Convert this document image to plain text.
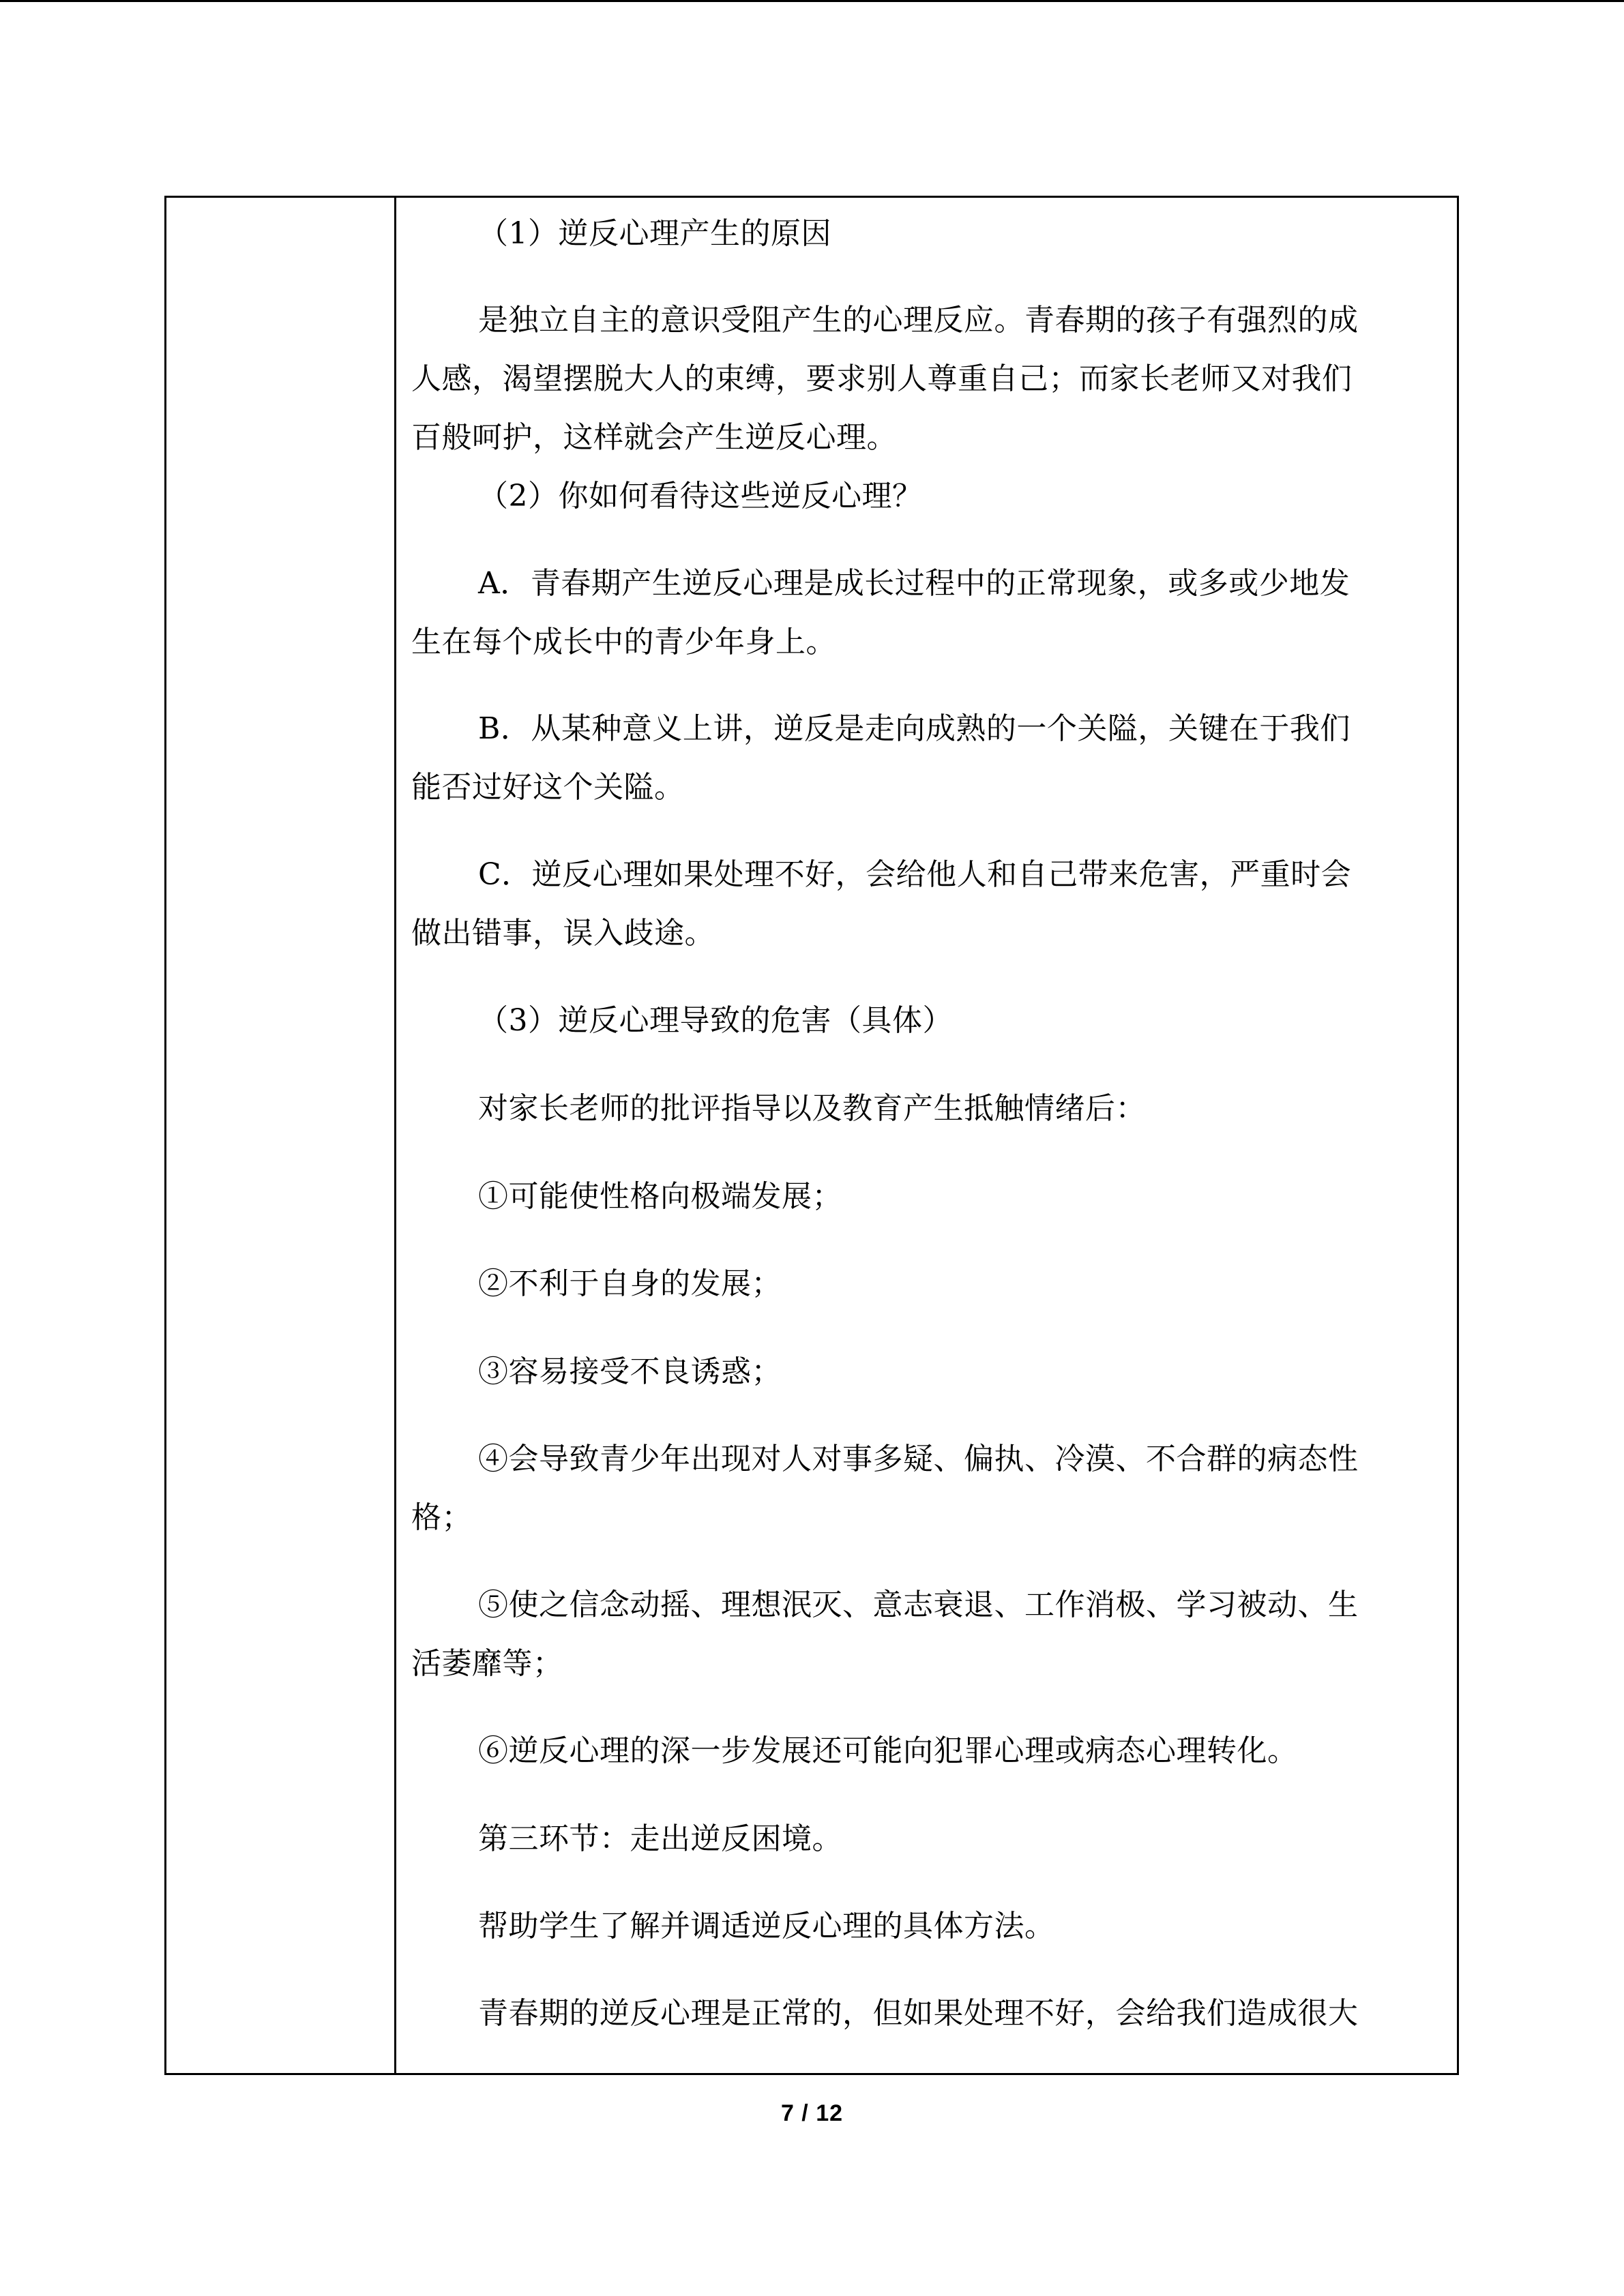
（1）逆反心理产生的原因
是独立自主的意识受阻产生的心理反应。青春期的孩子有强烈的成
人感，渴望摆脱大人的束缚，要求别人尊重自己；而家长老师又对我们
百般呵护，这样就会产生逆反心理。
（2）你如何看待这些逆反心理？
A．青春期产生逆反心理是成长过程中的正常现象，或多或少地发
生在每个成长中的青少年身上。
B．从某种意义上讲，逆反是走向成熟的一个关隘，关键在于我们
能否过好这个关隘。
C．逆反心理如果处理不好，会给他人和自己带来危害，严重时会
做出错事，误入歧途。
（3）逆反心理导致的危害（具体）
对家长老师的批评指导以及教育产生抵触情绪后：
①可能使性格向极端发展；
②不利于自身的发展；
③容易接受不良诱惑；
④会导致青少年出现对人对事多疑、偏执、冷漠、不合群的病态性
格；
⑤使之信念动摇、理想泯灭、意志衰退、工作消极、学习被动、生
活萎靡等；
⑥逆反心理的深一步发展还可能向犯罪心理或病态心理转化。
第三环节：走出逆反困境。
帮助学生了解并调适逆反心理的具体方法。
青春期的逆反心理是正常的，但如果处理不好，会给我们造成很大
7 / 12
